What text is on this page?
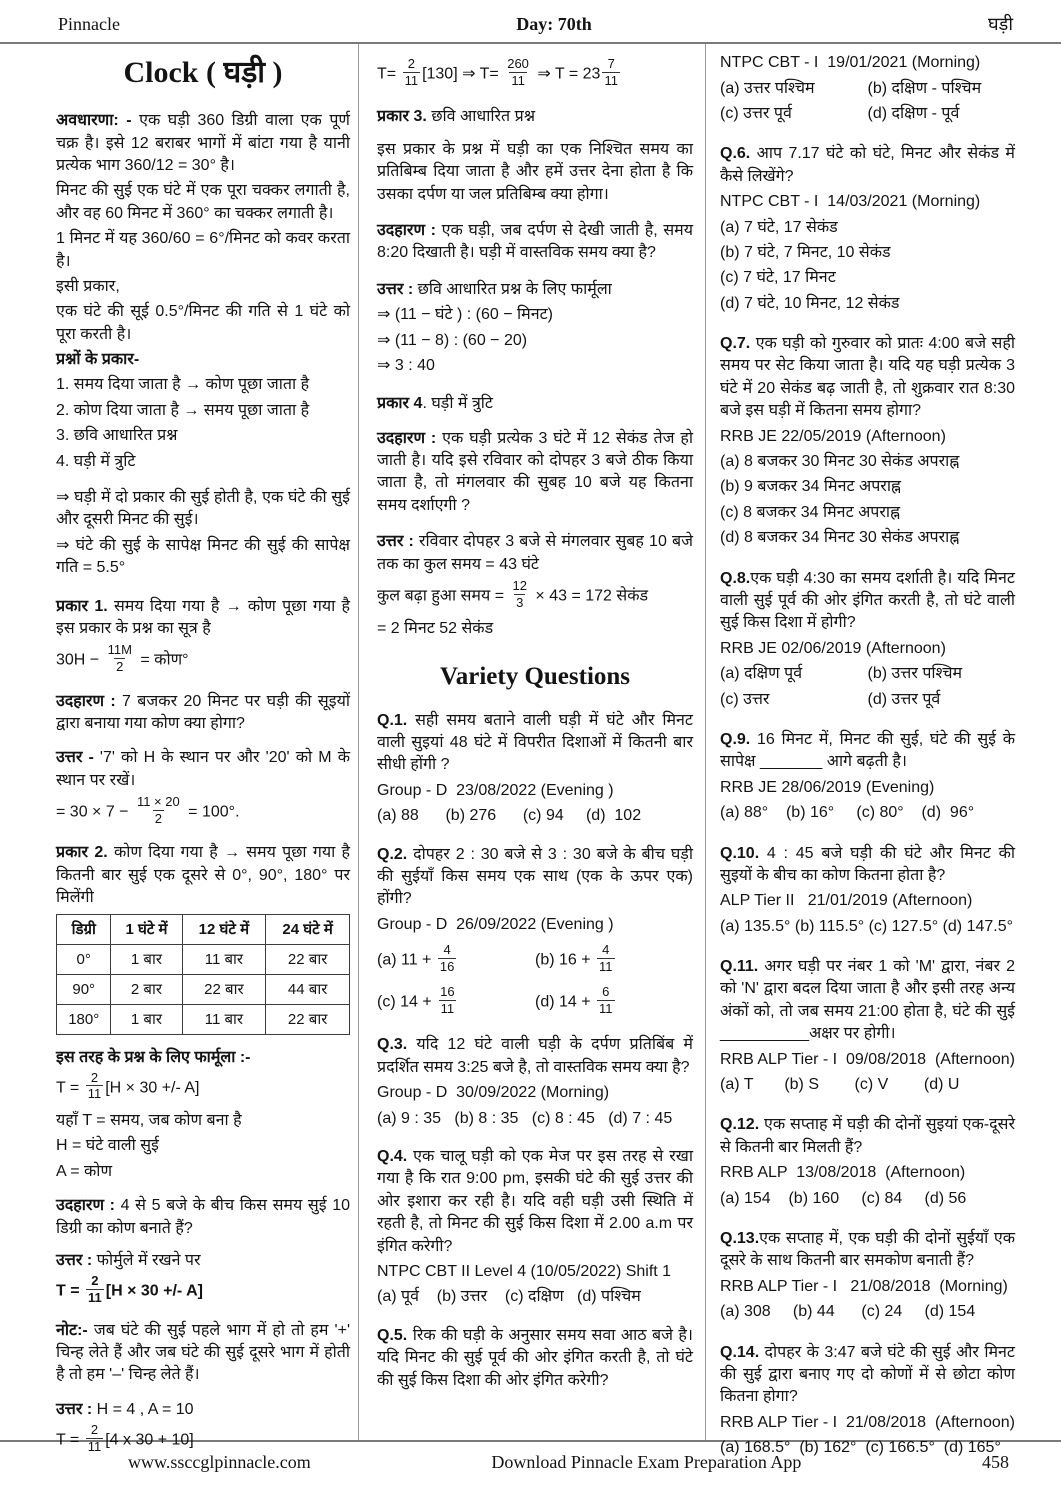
Pinnacle	Day: 70th	घड़ी
Clock ( घड़ी )

अवधारणा: - एक घड़ी 360 डिग्री वाला एक पूर्ण चक्र है। इसे 12 बराबर भागों में बांटा गया है यानी प्रत्येक भाग 360/12 = 30° है।

मिनट की सुई एक घंटे में एक पूरा चक्कर लगाती है, और वह 60 मिनट में 360° का चक्कर लगाती है।

1 मिनट में यह 360/60 = 6°/मिनट को कवर करता है।

इसी प्रकार,

एक घंटे की सूई 0.5°/मिनट की गति से 1 घंटे को पूरा करती है।

प्रश्नों के प्रकार-

1. समय दिया जाता है → कोण पूछा जाता है

2. कोण दिया जाता है → समय पूछा जाता है

3. छवि आधारित प्रश्न

4. घड़ी में त्रुटि

⇒ घड़ी में दो प्रकार की सुई होती है, एक घंटे की सुई और दूसरी मिनट की सुई।

⇒ घंटे की सुई के सापेक्ष मिनट की सुई की सापेक्ष गति = 5.5°

प्रकार 1. समय दिया गया है → कोण पूछा गया है इस प्रकार के प्रश्न का सूत्र है

$30H - \frac{11M}{2}$ = कोण°

उदहारण : 7 बजकर 20 मिनट पर घड़ी की सूइयों द्वारा बनाया गया कोण क्या होगा?

उत्तर - '7' को H के स्थान पर और '20' को M के स्थान पर रखें।

= $30 \times 7 - \frac{11 \times 20}{2} = 100^\circ$.

प्रकार 2. कोण दिया गया है → समय पूछा गया है कितनी बार सुई एक दूसरे से 0°, 90°, 180° पर मिलेंगी

डिग्री	1 घंटे में	12 घंटे में	24 घंटे में
0°	1 बार	11 बार	22 बार
90°	2 बार	22 बार	44 बार
180°	1 बार	11 बार	22 बार

इस तरह के प्रश्न के लिए फार्मूला :-

$T = \frac{2}{11} [H \times 30$ +/- A]

यहाँ T = समय, जब कोण बना है

H = घंटे वाली सुई

A = कोण

उदहारण : 4 से 5 बजे के बीच किस समय सुई 10 डिग्री का कोण बनाते हैं?

उत्तर : फोर्मुले में रखने पर

$T = \frac{2}{11} [H \times 30$ +/- A]

नोट:- जब घंटे की सुई पहले भाग में हो तो हम '+' चिन्ह लेते हैं और जब घंटे की सुई दूसरे भाग में होती है तो हम '–' चिन्ह लेते हैं।

उत्तर : H = 4 , A = 10

$T = \frac{2}{11} [4$ x 30 + 10]

$T= \frac{2}{11} [130]$ ⇒ $T= \frac{260}{11}$ ⇒ $T = 23 \frac{7}{11}$

प्रकार 3. छवि आधारित प्रश्न

इस प्रकार के प्रश्न में घड़ी का एक निश्चित समय का प्रतिबिम्ब दिया जाता है और हमें उत्तर देना होता है कि उसका दर्पण या जल प्रतिबिम्ब क्या होगा।

उदहारण : एक घड़ी, जब दर्पण से देखी जाती है, समय 8:20 दिखाती है। घड़ी में वास्तविक समय क्या है?

उत्तर : छवि आधारित प्रश्न के लिए फार्मूला

⇒ (11 − घंटे ) : (60 − मिनट)

⇒ (11 − 8) : (60 − 20)

⇒ 3 : 40

प्रकार 4. घड़ी में त्रुटि

उदहारण : एक घड़ी प्रत्येक 3 घंटे में 12 सेकंड तेज हो जाती है। यदि इसे रविवार को दोपहर 3 बजे ठीक किया जाता है, तो मंगलवार की सुबह 10 बजे यह कितना समय दर्शाएगी ?

उत्तर : रविवार दोपहर 3 बजे से मंगलवार सुबह 10 बजे तक का कुल समय = 43 घंटे

कुल बढ़ा हुआ समय = $\frac{12}{3} \times 43 = 172$ सेकंड

= 2 मिनट 52 सेकंड

Variety Questions

Q.1. सही समय बताने वाली घड़ी में घंटे और मिनट वाली सुइयां 48 घंटे में विपरीत दिशाओं में कितनी बार सीधी होंगी ?

Group - D  23/08/2022 (Evening )

(a) 88      (b) 276      (c) 94     (d)  102

Q.2. दोपहर 2 : 30 बजे से 3 : 30 बजे के बीच घड़ी की सुईयाँ किस समय एक साथ (एक के ऊपर एक) होंगी?

Group - D  26/09/2022 (Evening )

(a) $11 + \frac{4}{16}$	(b) $16 + \frac{4}{11}$
(c) $14 + \frac{16}{11}$	(d) $14 + \frac{6}{11}$

Q.3. यदि 12 घंटे वाली घड़ी के दर्पण प्रतिबिंब में प्रदर्शित समय 3:25 बजे है, तो वास्तविक समय क्या है?

Group - D  30/09/2022 (Morning)

(a) 9 : 35   (b) 8 : 35   (c) 8 : 45   (d) 7 : 45

Q.4. एक चालू घड़ी को एक मेज पर इस तरह से रखा गया है कि रात 9:00 pm, इसकी घंटे की सुई उत्तर की ओर इशारा कर रही है। यदि वही घड़ी उसी स्थिति में रहती है, तो मिनट की सुई किस दिशा में 2.00 a.m पर इंगित करेगी?

NTPC CBT II Level 4 (10/05/2022) Shift 1

(a) पूर्व    (b) उत्तर    (c) दक्षिण   (d) पश्चिम

Q.5. रिक की घड़ी के अनुसार समय सवा आठ बजे है। यदि मिनट की सुई पूर्व की ओर इंगित करती है, तो घंटे की सुई किस दिशा की ओर इंगित करेगी?

NTPC CBT - I  19/01/2021 (Morning)

(a) उत्तर पश्चिम	(b) दक्षिण - पश्चिम
(c) उत्तर पूर्व	(d) दक्षिण - पूर्व

Q.6. आप 7.17 घंटे को घंटे, मिनट और सेकंड में कैसे लिखेंगे?

NTPC CBT - I  14/03/2021 (Morning)

(a) 7 घंटे, 17 सेकंड

(b) 7 घंटे, 7 मिनट, 10 सेकंड

(c) 7 घंटे, 17 मिनट

(d) 7 घंटे, 10 मिनट, 12 सेकंड

Q.7. एक घड़ी को गुरुवार को प्रातः 4:00 बजे सही समय पर सेट किया जाता है। यदि यह घड़ी प्रत्येक 3 घंटे में 20 सेकंड बढ़ जाती है, तो शुक्रवार रात 8:30 बजे इस घड़ी में कितना समय होगा?

RRB JE 22/05/2019 (Afternoon)

(a) 8 बजकर 30 मिनट 30 सेकंड अपराह्न

(b) 9 बजकर 34 मिनट अपराह्न

(c) 8 बजकर 34 मिनट अपराह्न

(d) 8 बजकर 34 मिनट 30 सेकंड अपराह्न

Q.8.एक घड़ी 4:30 का समय दर्शाती है। यदि मिनट वाली सुई पूर्व की ओर इंगित करती है, तो घंटे वाली सुई किस दिशा में होगी?

RRB JE 02/06/2019 (Afternoon)

(a) दक्षिण पूर्व	(b) उत्तर पश्चिम
(c) उत्तर	(d) उत्तर पूर्व

Q.9. 16 मिनट में, मिनट की सुई, घंटे की सुई के सापेक्ष _______ आगे बढ़ती है।

RRB JE 28/06/2019 (Evening)

(a) 88°    (b) 16°     (c) 80°    (d)  96°

Q.10. 4 : 45 बजे घड़ी की घंटे और मिनट की सुइयों के बीच का कोण कितना होता है?

ALP Tier II   21/01/2019 (Afternoon)

(a) 135.5° (b) 115.5° (c) 127.5° (d) 147.5°

Q.11. अगर घड़ी पर नंबर 1 को 'M' द्वारा, नंबर 2 को 'N' द्वारा बदल दिया जाता है और इसी तरह अन्य अंकों को, तो जब समय 21:00 होता है, घंटे की सुई __________अक्षर पर होगी।

RRB ALP Tier - I  09/08/2018  (Afternoon)

(a) T       (b) S        (c) V        (d) U

Q.12. एक सप्ताह में घड़ी की दोनों सुइयां एक-दूसरे से कितनी बार मिलती हैं?

RRB ALP  13/08/2018  (Afternoon)

(a) 154    (b) 160     (c) 84     (d) 56

Q.13.एक सप्ताह में, एक घड़ी की दोनों सुईयाँ एक दूसरे के साथ कितनी बार समकोण बनाती हैं?

RRB ALP Tier - I   21/08/2018  (Morning)

(a) 308     (b) 44      (c) 24     (d) 154

Q.14. दोपहर के 3:47 बजे घंटे की सुई और मिनट की सुई द्वारा बनाए गए दो कोणों में से छोटा कोण कितना होगा?

RRB ALP Tier - I  21/08/2018  (Afternoon)

(a) 168.5°  (b) 162°  (c) 166.5°  (d) 165°

www.ssccglpinnacle.com	Download Pinnacle Exam Preparation App	458
